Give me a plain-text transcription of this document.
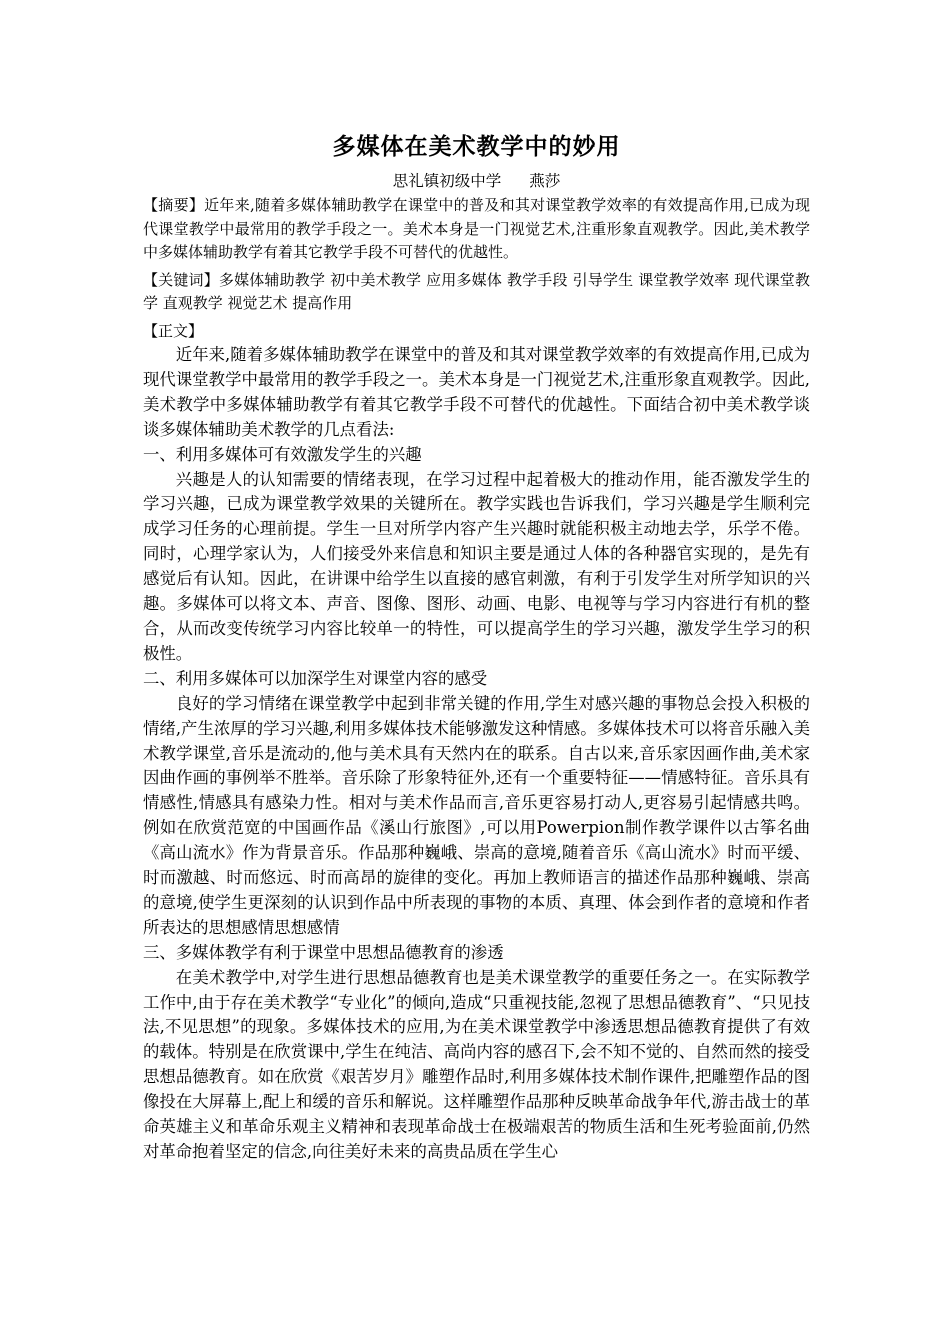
多媒体在美术教学中的妙用

思礼镇初级中学 燕莎

【摘要】近年来,随着多媒体辅助教学在课堂中的普及和其对课堂教学效率的有效提高作用,已成为现代课堂教学中最常用的教学手段之一。美术本身是一门视觉艺术,注重形象直观教学。因此,美术教学中多媒体辅助教学有着其它教学手段不可替代的优越性。

【关键词】多媒体辅助教学 初中美术教学 应用多媒体 教学手段 引导学生 课堂教学效率 现代课堂教学 直观教学 视觉艺术 提高作用

【正文】

近年来,随着多媒体辅助教学在课堂中的普及和其对课堂教学效率的有效提高作用,已成为现代课堂教学中最常用的教学手段之一。美术本身是一门视觉艺术,注重形象直观教学。因此,美术教学中多媒体辅助教学有着其它教学手段不可替代的优越性。下面结合初中美术教学谈谈多媒体辅助美术教学的几点看法:

一、利用多媒体可有效激发学生的兴趣

兴趣是人的认知需要的情绪表现，在学习过程中起着极大的推动作用，能否激发学生的学习兴趣，已成为课堂教学效果的关键所在。教学实践也告诉我们，学习兴趣是学生顺利完成学习任务的心理前提。学生一旦对所学内容产生兴趣时就能积极主动地去学，乐学不倦。同时，心理学家认为，人们接受外来信息和知识主要是通过人体的各种器官实现的，是先有感觉后有认知。因此，在讲课中给学生以直接的感官刺激，有利于引发学生对所学知识的兴趣。多媒体可以将文本、声音、图像、图形、动画、电影、电视等与学习内容进行有机的整合，从而改变传统学习内容比较单一的特性，可以提高学生的学习兴趣，激发学生学习的积极性。

二、利用多媒体可以加深学生对课堂内容的感受

良好的学习情绪在课堂教学中起到非常关键的作用,学生对感兴趣的事物总会投入积极的情绪,产生浓厚的学习兴趣,利用多媒体技术能够激发这种情感。多媒体技术可以将音乐融入美术教学课堂,音乐是流动的,他与美术具有天然内在的联系。自古以来,音乐家因画作曲,美术家因曲作画的事例举不胜举。音乐除了形象特征外,还有一个重要特征——情感特征。音乐具有情感性,情感具有感染力性。相对与美术作品而言,音乐更容易打动人,更容易引起情感共鸣。例如在欣赏范宽的中国画作品《溪山行旅图》,可以用Powerpion制作教学课件以古筝名曲《高山流水》作为背景音乐。作品那种巍峨、崇高的意境,随着音乐《高山流水》时而平缓、时而激越、时而悠远、时而高昂的旋律的变化。再加上教师语言的描述作品那种巍峨、崇高的意境,使学生更深刻的认识到作品中所表现的事物的本质、真理、体会到作者的意境和作者所表达的思想感情思想感情

三、多媒体教学有利于课堂中思想品德教育的渗透

在美术教学中,对学生进行思想品德教育也是美术课堂教学的重要任务之一。在实际教学工作中,由于存在美术教学“专业化”的倾向,造成“只重视技能,忽视了思想品德教育”、“只见技法,不见思想”的现象。多媒体技术的应用,为在美术课堂教学中渗透思想品德教育提供了有效的载体。特别是在欣赏课中,学生在纯洁、高尚内容的感召下,会不知不觉的、自然而然的接受思想品德教育。如在欣赏《艰苦岁月》雕塑作品时,利用多媒体技术制作课件,把雕塑作品的图像投在大屏幕上,配上和缓的音乐和解说。这样雕塑作品那种反映革命战争年代,游击战士的革命英雄主义和革命乐观主义精神和表现革命战士在极端艰苦的物质生活和生死考验面前,仍然对革命抱着坚定的信念,向往美好未来的高贵品质在学生心
